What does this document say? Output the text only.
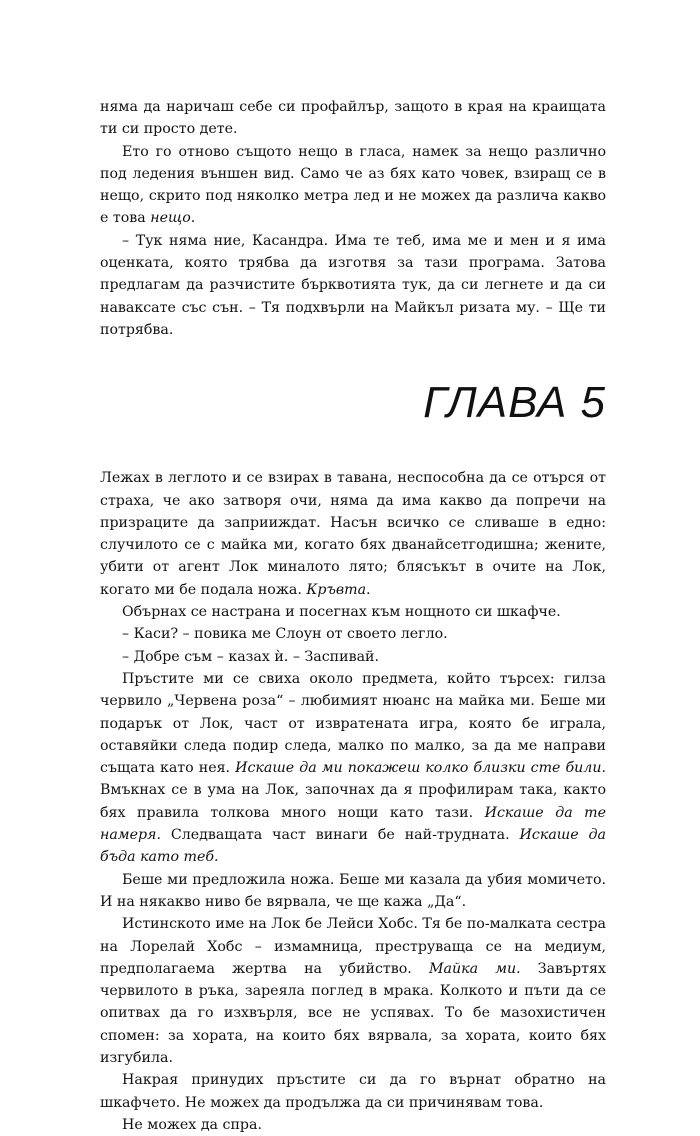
няма да наричаш себе си профайлър, защото в края на краищата ти си просто дете.

Ето го отново същото нещо в гласа, намек за нещо различно под ледения външен вид. Само че аз бях като човек, взиращ се в нещо, скрито под няколко метра лед и не можех да различа какво е това нещо.

– Тук няма ние, Касандра. Има те теб, има ме и мен и я има оценката, която трябва да изготвя за тази програма. Затова предлагам да разчистите бърквотията тук, да си легнете и да си наваксате със сън. – Тя подхвърли на Майкъл ризата му. – Ще ти потрябва.

ГЛАВА 5

Лежах в леглото и се взирах в тавана, неспособна да се отърся от страха, че ако затворя очи, няма да има какво да попречи на призраците да заприиждат. Насън всичко се сливаше в едно: случилото се с майка ми, когато бях дванайсетгодишна; жените, убити от агент Лок миналото лято; блясъкът в очите на Лок, когато ми бе подала ножа. Кръвта.

Обърнах се настрана и посегнах към нощното си шкафче.

– Каси? – повика ме Слоун от своето легло.

– Добре съм – казах ѝ. – Заспивай.

Пръстите ми се свиха около предмета, който търсех: гилза червило „Червена роза“ – любимият нюанс на майка ми. Беше ми подарък от Лок, част от извратената игра, която бе играла, оставяйки следа подир следа, малко по малко, за да ме направи същата като нея. Искаше да ми покажеш колко близки сте били. Вмъкнах се в ума на Лок, започнах да я профилирам така, както бях правила толкова много нощи като тази. Искаше да те намеря. Следващата част винаги бе най-трудната. Искаше да бъда като теб.

Беше ми предложила ножа. Беше ми казала да убия момичето. И на някакво ниво бе вярвала, че ще кажа „Да“.

Истинското име на Лок бе Лейси Хобс. Тя бе по-малката сестра на Лорелай Хобс – измамница, преструваща се на медиум, предполагаема жертва на убийство. Майка ми. Завъртях червилото в ръка, зареяла поглед в мрака. Колкото и пъти да се опитвах да го изхвърля, все не успявах. То бе мазохистичен спомен: за хората, на които бях вярвала, за хората, които бях изгубила.

Накрая принудих пръстите си да го върнат обратно на шкафчето. Не можех да продължа да си причинявам това.

Не можех да спра.
